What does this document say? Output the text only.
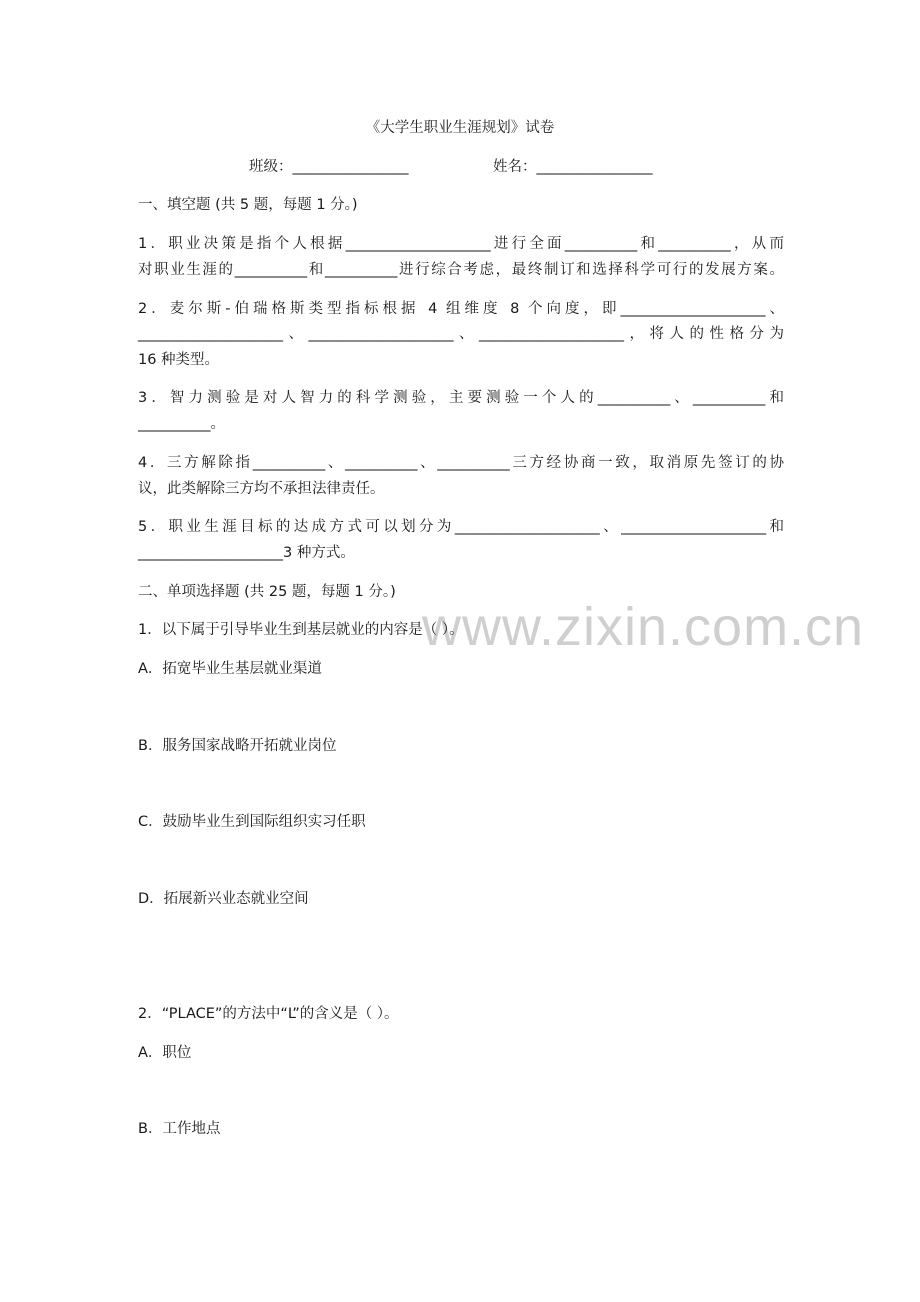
《大学生职业生涯规划》试卷
班级：________________	姓名：________________
一、填空题 (共 5 题，每题 1 分。)
1．职业决策是指个人根据____________________进行全面__________和__________，从而
对职业生涯的__________和__________进行综合考虑，最终制订和选择科学可行的发展方案。
2．麦尔斯-伯瑞格斯类型指标根据 4 组维度 8 个向度，即____________________、
____________________、____________________、____________________，将人的性格分为
16 种类型。
3．智力测验是对人智力的科学测验，主要测验一个人的__________、__________和
__________。
4．三方解除指__________、__________、__________三方经协商一致，取消原先签订的协
议，此类解除三方均不承担法律责任。
5．职业生涯目标的达成方式可以划分为____________________、____________________和
____________________3 种方式。
二、单项选择题 (共 25 题，每题 1 分。)
www.zixin.com.cn
1．以下属于引导毕业生到基层就业的内容是（ ）。
A．拓宽毕业生基层就业渠道
B．服务国家战略开拓就业岗位
C．鼓励毕业生到国际组织实习任职
D．拓展新兴业态就业空间
2．“PLACE”的方法中“L”的含义是（ ）。
A．职位
B．工作地点
